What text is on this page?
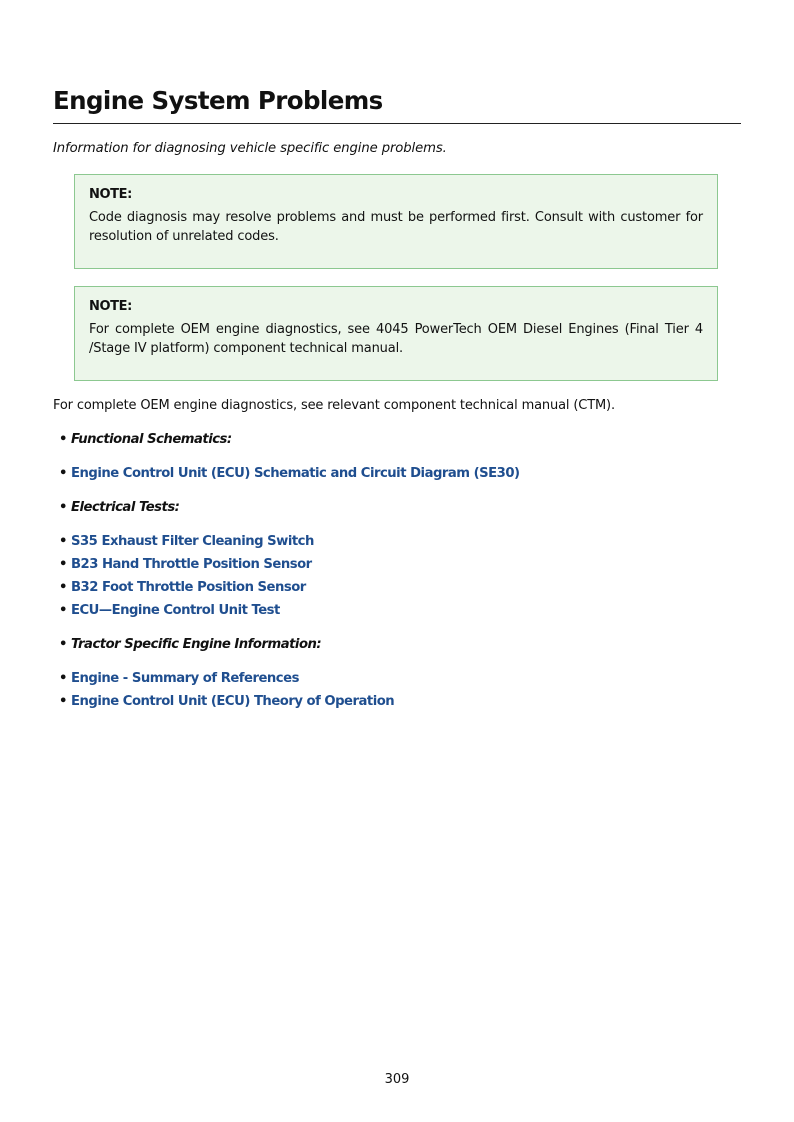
Engine System Problems

Information for diagnosing vehicle specific engine problems.

NOTE:

Code diagnosis may resolve problems and must be performed first. Consult with customer for resolution of unrelated codes.

NOTE:

For complete OEM engine diagnostics, see 4045 PowerTech OEM Diesel Engines (Final Tier 4 /Stage IV platform) component technical manual.

For complete OEM engine diagnostics, see relevant component technical manual (CTM).

• Functional Schematics:
• Engine Control Unit (ECU) Schematic and Circuit Diagram (SE30)
• Electrical Tests:
• S35 Exhaust Filter Cleaning Switch
• B23 Hand Throttle Position Sensor
• B32 Foot Throttle Position Sensor
• ECU—Engine Control Unit Test
• Tractor Specific Engine Information:
• Engine - Summary of References
• Engine Control Unit (ECU) Theory of Operation
309
